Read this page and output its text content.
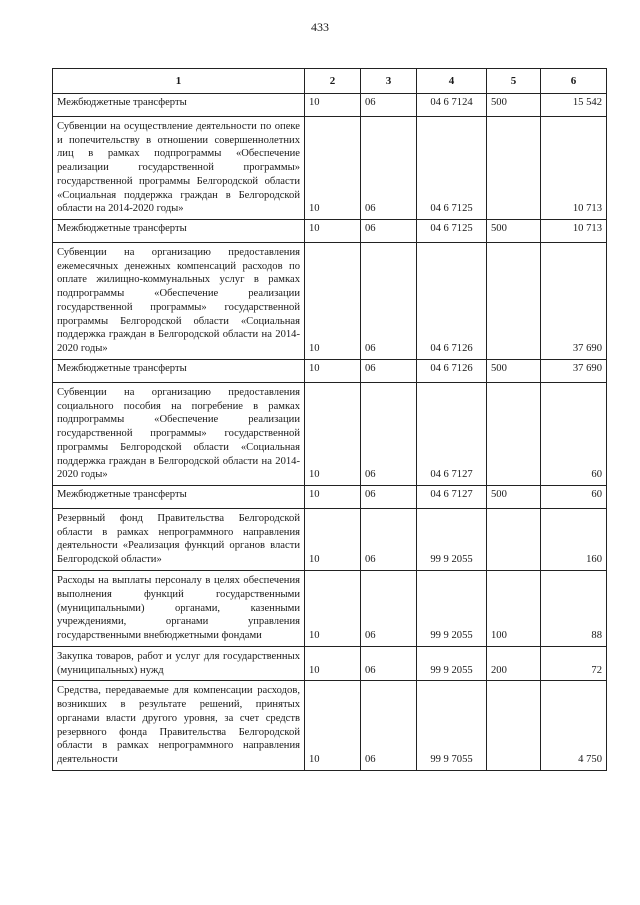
433
1	2	3	4	5	6
Межбюджетные трансферты	10	06	04 6 7124	500	15 542
Субвенции на осуществление деятельности по опеке и попечительству в отношении совершеннолетних лиц в рамках подпрограммы «Обеспечение реализации государственной программы» государственной программы Белгородской области «Социальная поддержка граждан в Белгородской области на 2014-2020 годы»	10	06	04 6 7125		10 713
Межбюджетные трансферты	10	06	04 6 7125	500	10 713
Субвенции на организацию предоставления ежемесячных денежных компенсаций расходов по оплате жилищно-коммунальных услуг в рамках подпрограммы «Обеспечение реализации государственной программы» государственной программы Белгородской области «Социальная поддержка граждан в Белгородской области на 2014-2020 годы»	10	06	04 6 7126		37 690
Межбюджетные трансферты	10	06	04 6 7126	500	37 690
Субвенции на организацию предоставления социального пособия на погребение в рамках подпрограммы «Обеспечение реализации государственной программы» государственной программы Белгородской области «Социальная поддержка граждан в Белгородской области на 2014-2020 годы»	10	06	04 6 7127		60
Межбюджетные трансферты	10	06	04 6 7127	500	60
Резервный фонд Правительства Белгородской области в рамках непрограммного направления деятельности «Реализация функций органов власти Белгородской области»	10	06	99 9 2055		160
Расходы на выплаты персоналу в целях обеспечения выполнения функций государственными (муниципальными) органами, казенными учреждениями, органами управления государственными внебюджетными фондами	10	06	99 9 2055	100	88
Закупка товаров, работ и услуг для государственных (муниципальных) нужд	10	06	99 9 2055	200	72
Средства, передаваемые для компенсации расходов, возникших в результате решений, принятых органами власти другого уровня, за счет средств резервного фонда Правительства Белгородской области в рамках непрограммного направления деятельности	10	06	99 9 7055		4 750
